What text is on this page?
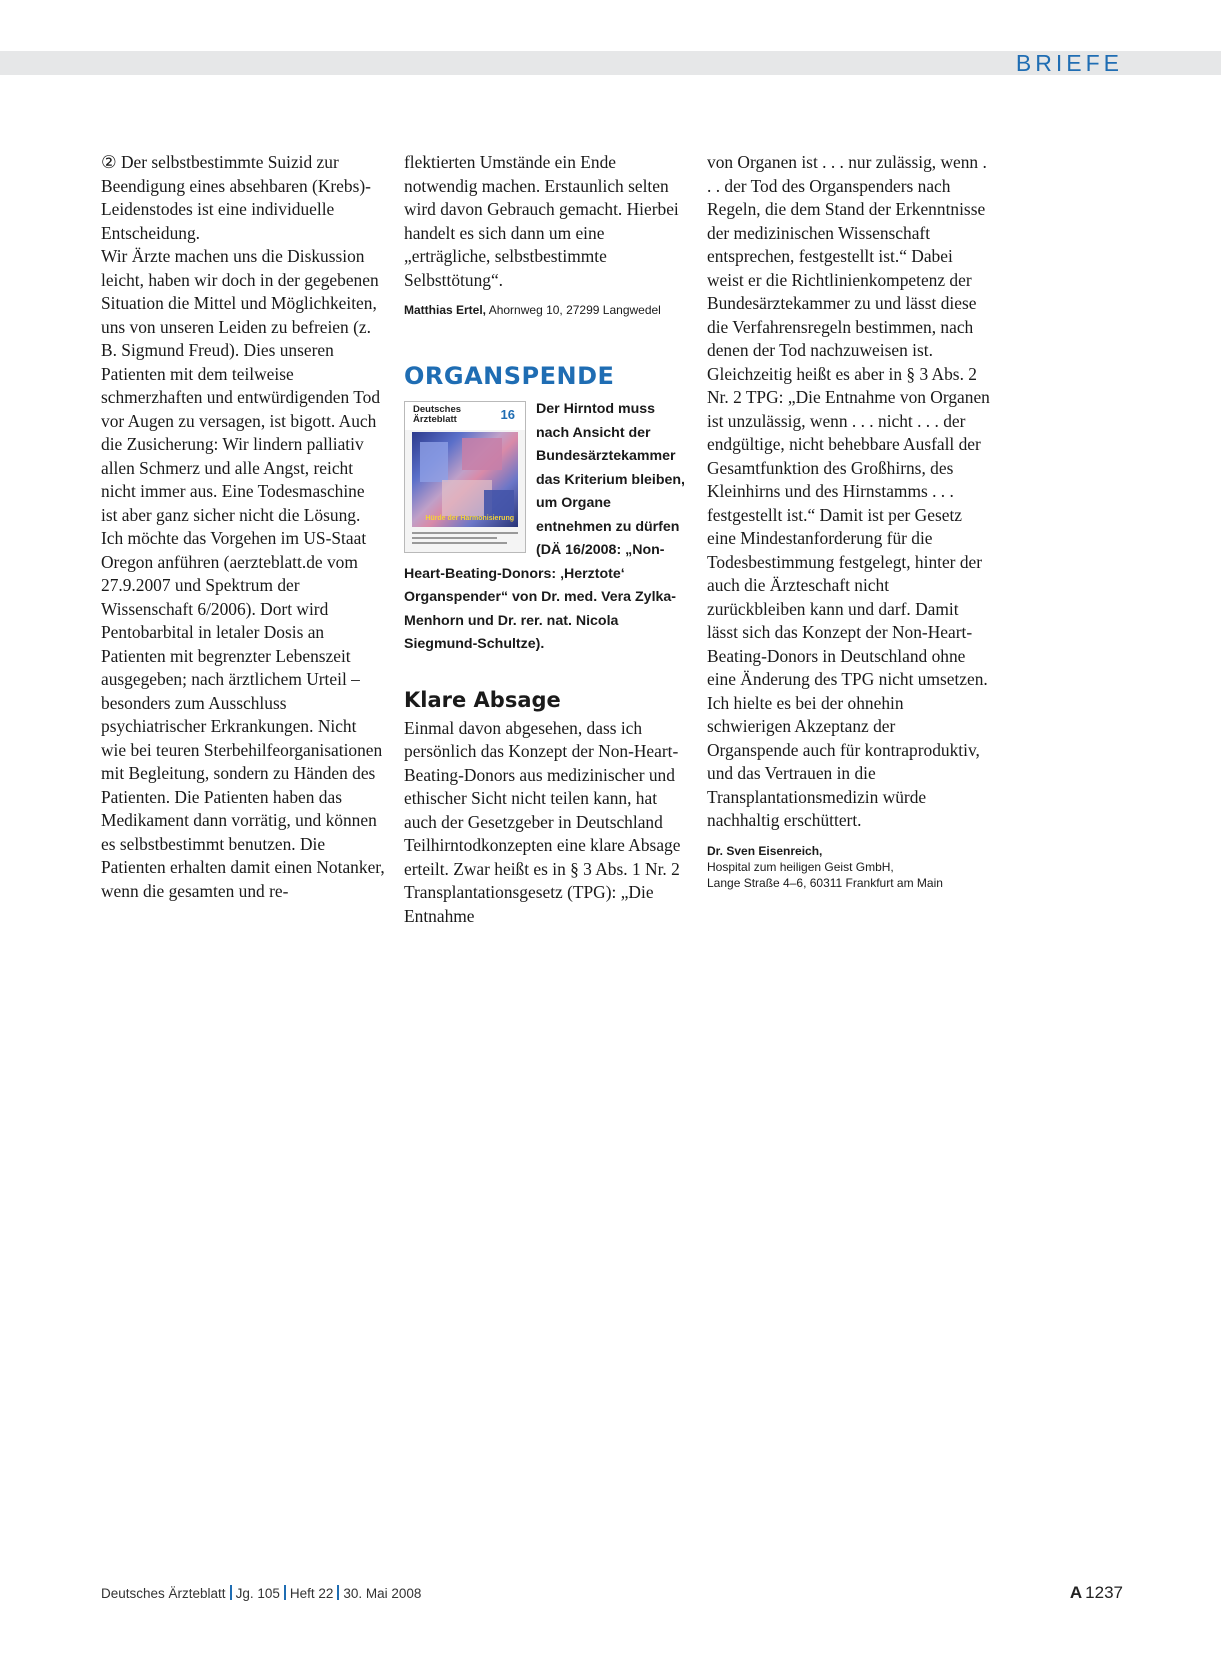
BRIEFE

② Der selbstbestimmte Suizid zur Beendigung eines absehbaren (Krebs)-Leidenstodes ist eine individuelle Entscheidung.

Wir Ärzte machen uns die Diskussion leicht, haben wir doch in der gegebenen Situation die Mittel und Möglichkeiten, uns von unseren Leiden zu befreien (z. B. Sigmund Freud). Dies unseren Patienten mit dem teilweise schmerzhaften und entwürdigenden Tod vor Augen zu versagen, ist bigott. Auch die Zusicherung: Wir lindern palliativ allen Schmerz und alle Angst, reicht nicht immer aus. Eine Todesmaschine ist aber ganz sicher nicht die Lösung.

Ich möchte das Vorgehen im US-Staat Oregon anführen (aerzteblatt.de vom 27.9.2007 und Spektrum der Wissenschaft 6/2006). Dort wird Pentobarbital in letaler Dosis an Patienten mit begrenzter Lebenszeit ausgegeben; nach ärztlichem Urteil – besonders zum Ausschluss psychiatrischer Erkrankungen. Nicht wie bei teuren Sterbehilfeorganisationen mit Begleitung, sondern zu Händen des Patienten. Die Patienten haben das Medikament dann vorrätig, und können es selbstbestimmt benutzen. Die Patienten erhalten damit einen Notanker, wenn die gesamten und re-

flektierten Umstände ein Ende notwendig machen. Erstaunlich selten wird davon Gebrauch gemacht. Hierbei handelt es sich dann um eine „erträgliche, selbstbestimmte Selbsttötung“.

Matthias Ertel, Ahornweg 10, 27299 Langwedel

ORGANSPENDE
Deutsches Ärzteblatt	16
Hürde der Harmonisierung

Der Hirntod muss nach Ansicht der Bundesärztekammer das Kriterium bleiben, um Organe entnehmen zu dürfen (DÄ 16/2008: „Non-Heart-Beating-Donors: ‚Herztote‘ Organspender“ von Dr. med. Vera Zylka-Menhorn und Dr. rer. nat. Nicola Siegmund-Schultze).

Klare Absage

Einmal davon abgesehen, dass ich persönlich das Konzept der Non-Heart-Beating-Donors aus medizinischer und ethischer Sicht nicht teilen kann, hat auch der Gesetzgeber in Deutschland Teilhirntodkonzepten eine klare Absage erteilt. Zwar heißt es in § 3 Abs. 1 Nr. 2 Transplantationsgesetz (TPG): „Die Entnahme

von Organen ist . . . nur zulässig, wenn . . . der Tod des Organspenders nach Regeln, die dem Stand der Erkenntnisse der medizinischen Wissenschaft entsprechen, festgestellt ist.“ Dabei weist er die Richtlinienkompetenz der Bundesärztekammer zu und lässt diese die Verfahrensregeln bestimmen, nach denen der Tod nachzuweisen ist. Gleichzeitig heißt es aber in § 3 Abs. 2 Nr. 2 TPG: „Die Entnahme von Organen ist unzulässig, wenn . . . nicht . . . der endgültige, nicht behebbare Ausfall der Gesamtfunktion des Großhirns, des Kleinhirns und des Hirnstamms . . . festgestellt ist.“ Damit ist per Gesetz eine Mindestanforderung für die Todesbestimmung festgelegt, hinter der auch die Ärzteschaft nicht zurückbleiben kann und darf. Damit lässt sich das Konzept der Non-Heart-Beating-Donors in Deutschland ohne eine Änderung des TPG nicht umsetzen. Ich hielte es bei der ohnehin schwierigen Akzeptanz der Organspende auch für kontraproduktiv, und das Vertrauen in die Transplantationsmedizin würde nachhaltig erschüttert.

Dr. Sven Eisenreich,
Hospital zum heiligen Geist GmbH,
Lange Straße 4–6, 60311 Frankfurt am Main

Deutsches Ärzteblatt Jg. 105 Heft 22 30. Mai 2008	A 1237
